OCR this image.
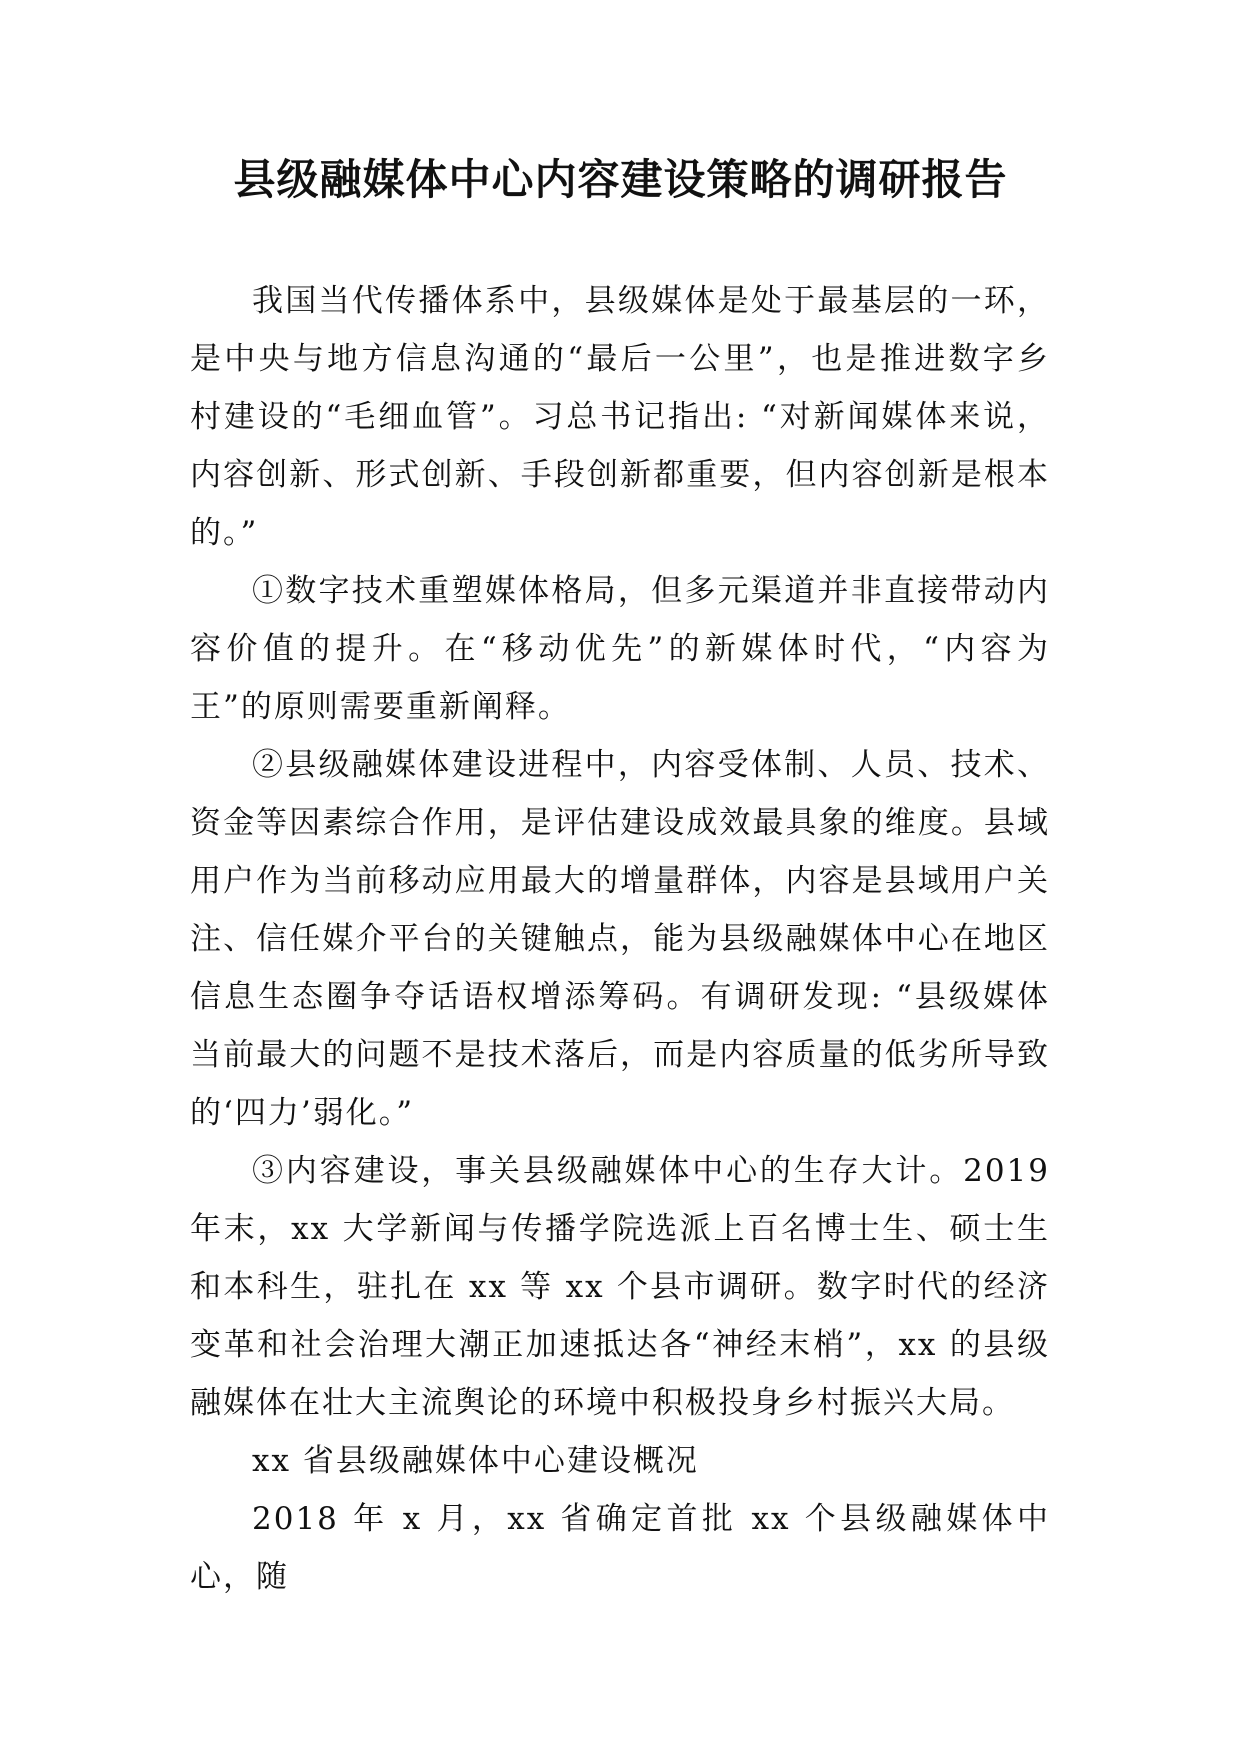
县级融媒体中心内容建设策略的调研报告

我国当代传播体系中，县级媒体是处于最基层的一环，是中央与地方信息沟通的“最后一公里”，也是推进数字乡村建设的“毛细血管”。习总书记指出: “对新闻媒体来说，内容创新、形式创新、手段创新都重要，但内容创新是根本的。”

①数字技术重塑媒体格局，但多元渠道并非直接带动内容价值的提升。在“移动优先”的新媒体时代，“内容为王”的原则需要重新阐释。

②县级融媒体建设进程中，内容受体制、人员、技术、资金等因素综合作用，是评估建设成效最具象的维度。县域用户作为当前移动应用最大的增量群体，内容是县域用户关注、信任媒介平台的关键触点，能为县级融媒体中心在地区信息生态圈争夺话语权增添筹码。有调研发现: “县级媒体当前最大的问题不是技术落后，而是内容质量的低劣所导致的‘四力’弱化。”

③内容建设，事关县级融媒体中心的生存大计。2019 年末，xx 大学新闻与传播学院选派上百名博士生、硕士生和本科生，驻扎在 xx 等 xx 个县市调研。数字时代的经济变革和社会治理大潮正加速抵达各“神经末梢”，xx 的县级融媒体在壮大主流舆论的环境中积极投身乡村振兴大局。

xx 省县级融媒体中心建设概况

2018 年 x 月，xx 省确定首批 xx 个县级融媒体中心，随
